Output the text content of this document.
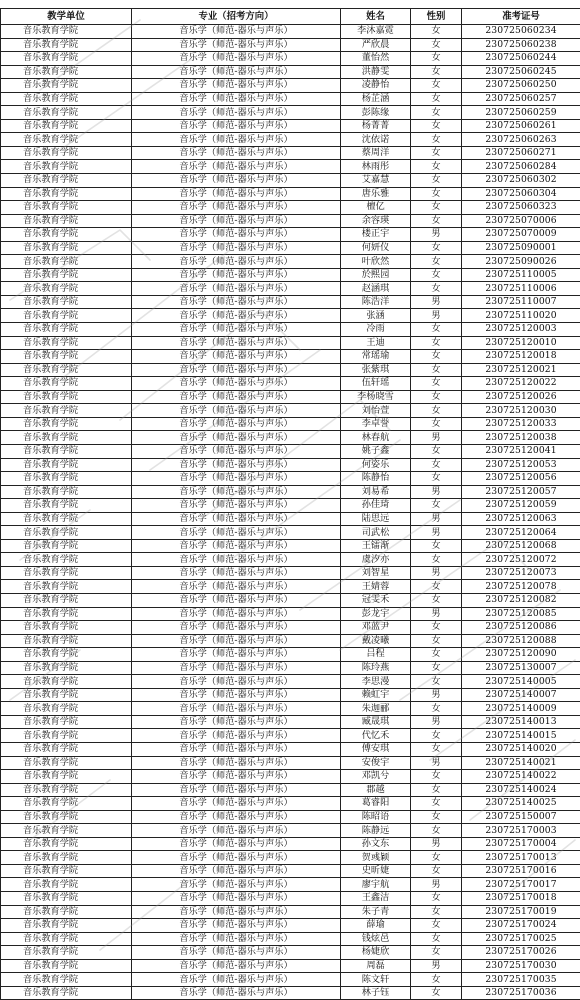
教学单位	专业（招考方向）	姓名	性别	准考证号
音乐教育学院	音乐学（师范-器乐与声乐）	李沐嘉霓	女	230725060234
音乐教育学院	音乐学（师范-器乐与声乐）	严欣晨	女	230725060238
音乐教育学院	音乐学（师范-器乐与声乐）	董怡然	女	230725060244
音乐教育学院	音乐学（师范-器乐与声乐）	洪静雯	女	230725060245
音乐教育学院	音乐学（师范-器乐与声乐）	凌静怡	女	230725060250
音乐教育学院	音乐学（师范-器乐与声乐）	杨芷涵	女	230725060257
音乐教育学院	音乐学（师范-器乐与声乐）	彭陈缘	女	230725060259
音乐教育学院	音乐学（师范-器乐与声乐）	杨菁菁	女	230725060261
音乐教育学院	音乐学（师范-器乐与声乐）	沈依诺	女	230725060263
音乐教育学院	音乐学（师范-器乐与声乐）	蔡周洋	女	230725060271
音乐教育学院	音乐学（师范-器乐与声乐）	林雨彤	女	230725060284
音乐教育学院	音乐学（师范-器乐与声乐）	艾嘉慧	女	230725060302
音乐教育学院	音乐学（师范-器乐与声乐）	唐乐雅	女	230725060304
音乐教育学院	音乐学（师范-器乐与声乐）	檀亿	女	230725060323
音乐教育学院	音乐学（师范-器乐与声乐）	余容瑛	女	230725070006
音乐教育学院	音乐学（师范-器乐与声乐）	楼正宇	男	230725070009
音乐教育学院	音乐学（师范-器乐与声乐）	何妍仪	女	230725090001
音乐教育学院	音乐学（师范-器乐与声乐）	叶欣然	女	230725090026
音乐教育学院	音乐学（师范-器乐与声乐）	於熙园	女	230725110005
音乐教育学院	音乐学（师范-器乐与声乐）	赵涵琪	女	230725110006
音乐教育学院	音乐学（师范-器乐与声乐）	陈浩洋	男	230725110007
音乐教育学院	音乐学（师范-器乐与声乐）	张涵	男	230725110020
音乐教育学院	音乐学（师范-器乐与声乐）	冷雨	女	230725120003
音乐教育学院	音乐学（师范-器乐与声乐）	王迪	女	230725120010
音乐教育学院	音乐学（师范-器乐与声乐）	常瑶瑜	女	230725120018
音乐教育学院	音乐学（师范-器乐与声乐）	张紫琪	女	230725120021
音乐教育学院	音乐学（师范-器乐与声乐）	伍轩瑶	女	230725120022
音乐教育学院	音乐学（师范-器乐与声乐）	李杨晓雪	女	230725120026
音乐教育学院	音乐学（师范-器乐与声乐）	刘怡萱	女	230725120030
音乐教育学院	音乐学（师范-器乐与声乐）	李卓誉	女	230725120033
音乐教育学院	音乐学（师范-器乐与声乐）	林春航	男	230725120038
音乐教育学院	音乐学（师范-器乐与声乐）	姚子鑫	女	230725120041
音乐教育学院	音乐学（师范-器乐与声乐）	何姿乐	女	230725120053
音乐教育学院	音乐学（师范-器乐与声乐）	陈静怡	女	230725120056
音乐教育学院	音乐学（师范-器乐与声乐）	刘易希	男	230725120057
音乐教育学院	音乐学（师范-器乐与声乐）	孙佳琦	女	230725120059
音乐教育学院	音乐学（师范-器乐与声乐）	陆思远	男	230725120063
音乐教育学院	音乐学（师范-器乐与声乐）	司武松	男	230725120064
音乐教育学院	音乐学（师范-器乐与声乐）	王镭渐	女	230725120068
音乐教育学院	音乐学（师范-器乐与声乐）	虞汐亦	女	230725120072
音乐教育学院	音乐学（师范-器乐与声乐）	刘智星	男	230725120073
音乐教育学院	音乐学（师范-器乐与声乐）	王婧蓉	女	230725120078
音乐教育学院	音乐学（师范-器乐与声乐）	冠雯禾	女	230725120082
音乐教育学院	音乐学（师范-器乐与声乐）	彭龙宇	男	230725120085
音乐教育学院	音乐学（师范-器乐与声乐）	邓蓝尹	女	230725120086
音乐教育学院	音乐学（师范-器乐与声乐）	戴凌曦	女	230725120088
音乐教育学院	音乐学（师范-器乐与声乐）	吕程	女	230725120090
音乐教育学院	音乐学（师范-器乐与声乐）	陈玲燕	女	230725130007
音乐教育学院	音乐学（师范-器乐与声乐）	李思漫	女	230725140005
音乐教育学院	音乐学（师范-器乐与声乐）	赖虹宇	男	230725140007
音乐教育学院	音乐学（师范-器乐与声乐）	朱迦郦	女	230725140009
音乐教育学院	音乐学（师范-器乐与声乐）	臧晟琪	男	230725140013
音乐教育学院	音乐学（师范-器乐与声乐）	代忆禾	女	230725140015
音乐教育学院	音乐学（师范-器乐与声乐）	傅安琪	女	230725140020
音乐教育学院	音乐学（师范-器乐与声乐）	安俊宇	男	230725140021
音乐教育学院	音乐学（师范-器乐与声乐）	邓凯兮	女	230725140022
音乐教育学院	音乐学（师范-器乐与声乐）	郡越	女	230725140024
音乐教育学院	音乐学（师范-器乐与声乐）	葛睿阳	女	230725140025
音乐教育学院	音乐学（师范-器乐与声乐）	陈昭语	女	230725150007
音乐教育学院	音乐学（师范-器乐与声乐）	陈静远	女	230725170003
音乐教育学院	音乐学（师范-器乐与声乐）	孙文东	男	230725170004
音乐教育学院	音乐学（师范-器乐与声乐）	贺彧颖	女	230725170013
音乐教育学院	音乐学（师范-器乐与声乐）	史昕婕	女	230725170016
音乐教育学院	音乐学（师范-器乐与声乐）	廖宇航	男	230725170017
音乐教育学院	音乐学（师范-器乐与声乐）	王鑫洁	女	230725170018
音乐教育学院	音乐学（师范-器乐与声乐）	朱子青	女	230725170019
音乐教育学院	音乐学（师范-器乐与声乐）	薛瑜	女	230725170024
音乐教育学院	音乐学（师范-器乐与声乐）	钱炫邑	女	230725170025
音乐教育学院	音乐学（师范-器乐与声乐）	杨婕欣	女	230725170026
音乐教育学院	音乐学（师范-器乐与声乐）	周磊	男	230725170030
音乐教育学院	音乐学（师范-器乐与声乐）	陈文轩	女	230725170035
音乐教育学院	音乐学（师范-器乐与声乐）	林子钰	女	230725170036
